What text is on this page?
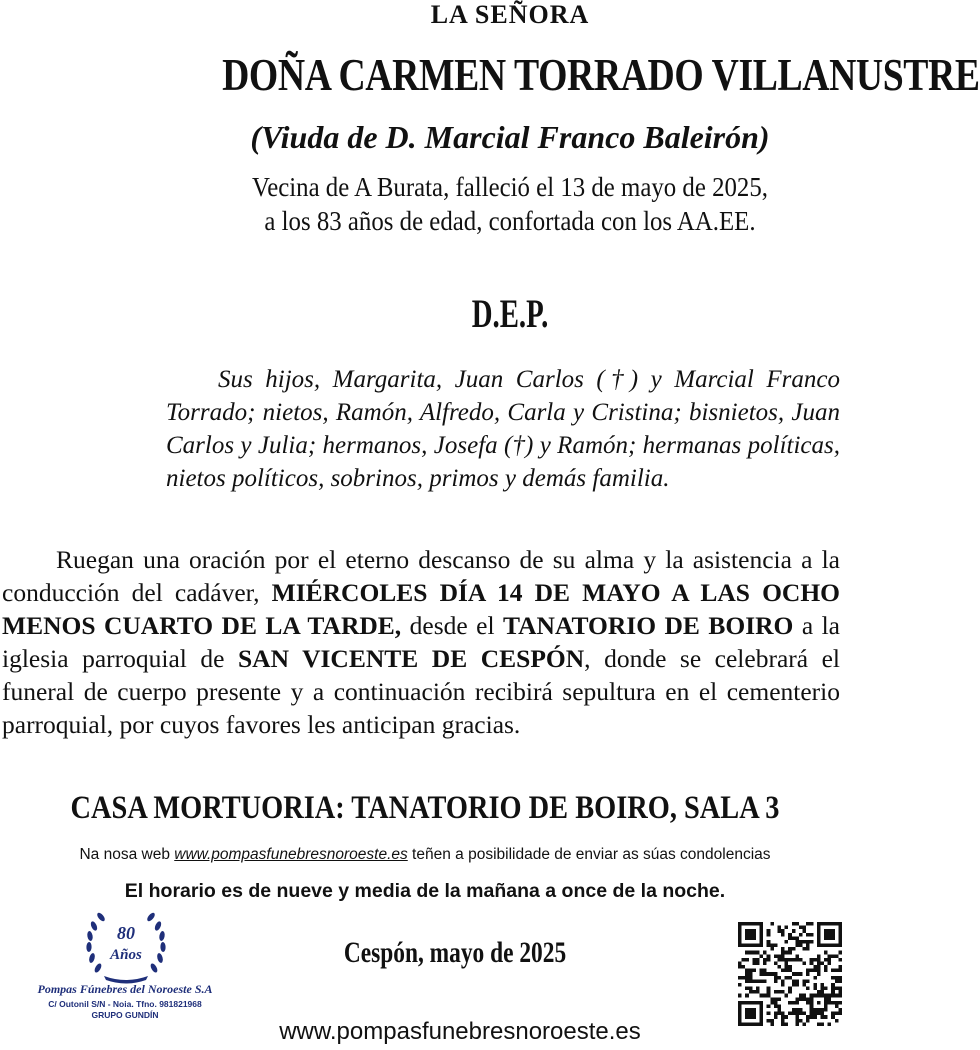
LA SEÑORA
DOÑA CARMEN TORRADO VILLANUSTRE
(Viuda de D. Marcial Franco Baleirón)
Vecina de A Burata, falleció el 13 de mayo de 2025,
a los 83 años de edad, confortada con los AA.EE.
D.E.P.
Sus hijos, Margarita, Juan Carlos (†) y Marcial Franco Torrado; nietos, Ramón, Alfredo, Carla y Cristina; bisnietos, Juan Carlos y Julia; hermanos, Josefa (†) y Ramón; hermanas políticas, nietos políticos, sobrinos, primos y demás familia.
Ruegan una oración por el eterno descanso de su alma y la asistencia a la conducción del cadáver, MIÉRCOLES DÍA 14 DE MAYO A LAS OCHO MENOS CUARTO DE LA TARDE, desde el TANATORIO DE BOIRO a la iglesia parroquial de SAN VICENTE DE CESPÓN, donde se celebrará el funeral de cuerpo presente y a continuación recibirá sepultura en el cementerio parroquial, por cuyos favores les anticipan gracias.
CASA MORTUORIA: TANATORIO DE BOIRO, SALA 3
Na nosa web www.pompasfunebresnoroeste.es teñen a posibilidade de enviar as súas condolencias
El horario es de nueve y media de la mañana a once de la noche.
80
Años
Pompas Fúnebres del Noroeste S.A
C/ Outonil S/N - Noia. Tfno. 981821968
GRUPO GUNDÍN
Cespón, mayo de 2025
www.pompasfunebresnoroeste.es
